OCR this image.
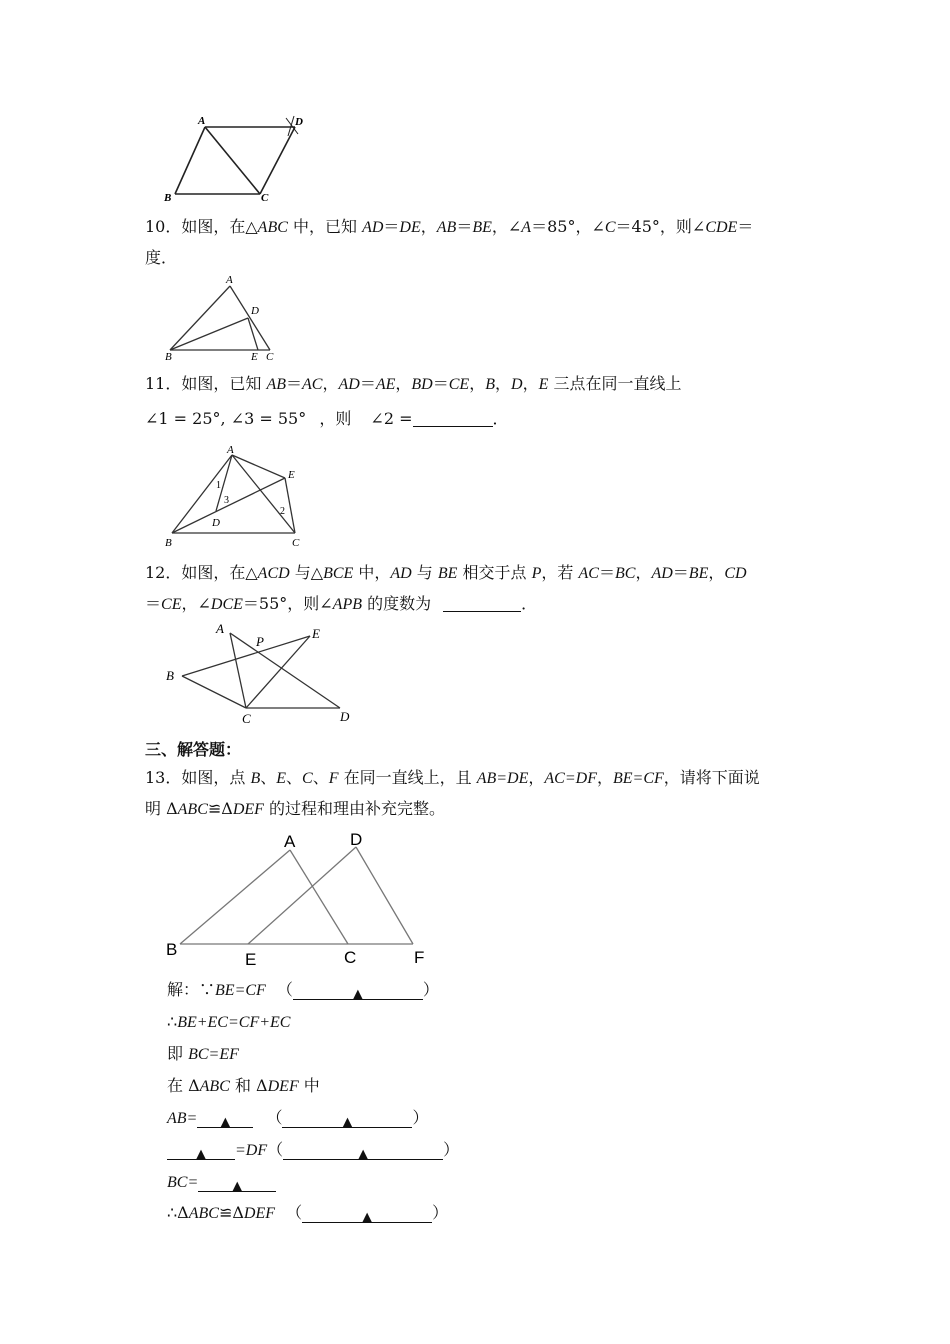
A	D
B	C
10．如图，在△ABC 中，已知 AD＝DE，AB＝BE，∠A＝85°，∠C＝45°，则∠CDE＝
度．
A
D
B	E C
11．如图，已知 AB＝AC，AD＝AE，BD＝CE，B，D，E 三点在同一直线上
∠1 = 25°, ∠3 = 55° ，则 ∠2 =	．
A
E
D
B	C
1
3
2
12．如图，在△ACD 与△BCE 中，AD 与 BE 相交于点 P，若 AC＝BC，AD＝BE，CD
＝CE，∠DCE＝55°，则∠APB 的度数为	．
A
P
E
B
C	D
三、解答题：
13．如图，点 B、E、C、F 在同一直线上，且 AB=DE，AC=DF，BE=CF，请将下面说
明 ΔABC≌ΔDEF 的过程和理由补充完整。
A	D
B
E	C	F
解：∵BE=CF （	▲	）
∴BE+EC=CF+EC
即 BC=EF
在 ΔABC 和 ΔDEF 中
AB= ▲ （	▲	）
▲ =DF（	▲	）
BC=	▲
∴ΔABC≌ΔDEF （	▲	）
